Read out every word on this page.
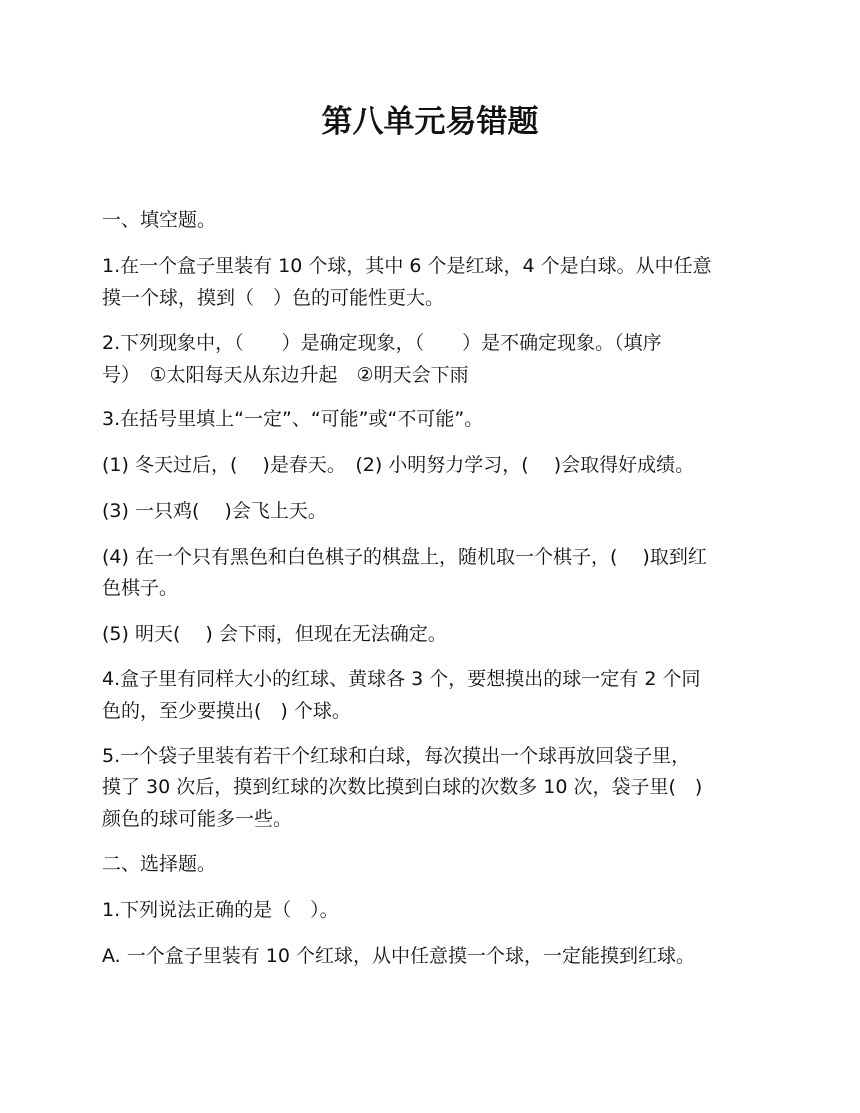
第八单元易错题
一、填空题。
1.在一个盒子里装有 10 个球，其中 6 个是红球，4 个是白球。从中任意
摸一个球，摸到（　）色的可能性更大。
2.下列现象中，（　　）是确定现象，（　　）是不确定现象。（填序
号）　①太阳每天从东边升起　②明天会下雨
3.在括号里填上“一定”、“可能”或“不可能”。
(1) 冬天过后，(　 )是春天。　(2) 小明努力学习，(　 )会取得好成绩。
(3) 一只鸡(　 )会飞上天。
(4) 在一个只有黑色和白色棋子的棋盘上，随机取一个棋子，(　 )取到红
色棋子。
(5) 明天(　 ) 会下雨，但现在无法确定。
4.盒子里有同样大小的红球、黄球各 3 个，要想摸出的球一定有 2 个同
色的，至少要摸出(　) 个球。
5.一个袋子里装有若干个红球和白球，每次摸出一个球再放回袋子里，
摸了 30 次后，摸到红球的次数比摸到白球的次数多 10 次，袋子里(　)
颜色的球可能多一些。
二、选择题。
1.下列说法正确的是（　）。
A. 一个盒子里装有 10 个红球，从中任意摸一个球，一定能摸到红球。
